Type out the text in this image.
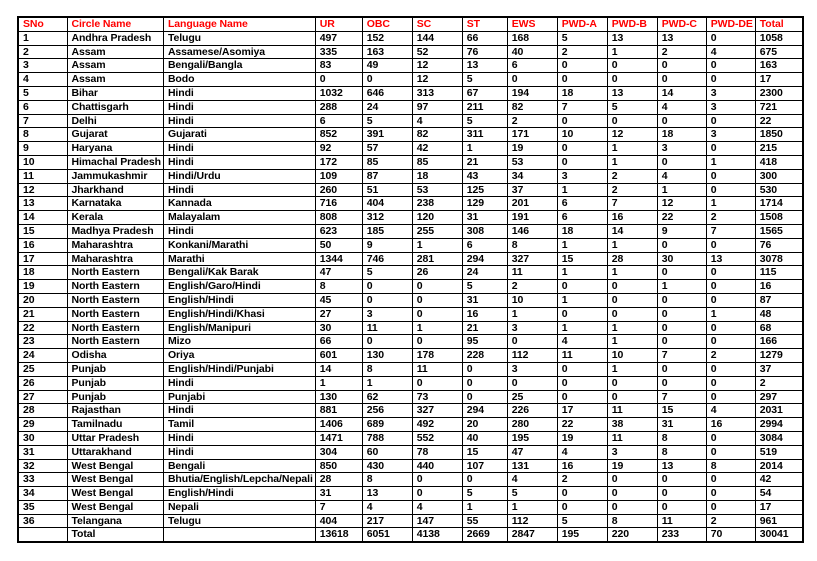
SNo	Circle Name	Language Name	UR	OBC	SC	ST	EWS	PWD-A	PWD-B	PWD-C	PWD-DE	Total
1	Andhra Pradesh	Telugu	497	152	144	66	168	5	13	13	0	1058
2	Assam	Assamese/Asomiya	335	163	52	76	40	2	1	2	4	675
3	Assam	Bengali/Bangla	83	49	12	13	6	0	0	0	0	163
4	Assam	Bodo	0	0	12	5	0	0	0	0	0	17
5	Bihar	Hindi	1032	646	313	67	194	18	13	14	3	2300
6	Chattisgarh	Hindi	288	24	97	211	82	7	5	4	3	721
7	Delhi	Hindi	6	5	4	5	2	0	0	0	0	22
8	Gujarat	Gujarati	852	391	82	311	171	10	12	18	3	1850
9	Haryana	Hindi	92	57	42	1	19	0	1	3	0	215
10	Himachal Pradesh	Hindi	172	85	85	21	53	0	1	0	1	418
11	Jammukashmir	Hindi/Urdu	109	87	18	43	34	3	2	4	0	300
12	Jharkhand	Hindi	260	51	53	125	37	1	2	1	0	530
13	Karnataka	Kannada	716	404	238	129	201	6	7	12	1	1714
14	Kerala	Malayalam	808	312	120	31	191	6	16	22	2	1508
15	Madhya Pradesh	Hindi	623	185	255	308	146	18	14	9	7	1565
16	Maharashtra	Konkani/Marathi	50	9	1	6	8	1	1	0	0	76
17	Maharashtra	Marathi	1344	746	281	294	327	15	28	30	13	3078
18	North Eastern	Bengali/Kak Barak	47	5	26	24	11	1	1	0	0	115
19	North Eastern	English/Garo/Hindi	8	0	0	5	2	0	0	1	0	16
20	North Eastern	English/Hindi	45	0	0	31	10	1	0	0	0	87
21	North Eastern	English/Hindi/Khasi	27	3	0	16	1	0	0	0	1	48
22	North Eastern	English/Manipuri	30	11	1	21	3	1	1	0	0	68
23	North Eastern	Mizo	66	0	0	95	0	4	1	0	0	166
24	Odisha	Oriya	601	130	178	228	112	11	10	7	2	1279
25	Punjab	English/Hindi/Punjabi	14	8	11	0	3	0	1	0	0	37
26	Punjab	Hindi	1	1	0	0	0	0	0	0	0	2
27	Punjab	Punjabi	130	62	73	0	25	0	0	7	0	297
28	Rajasthan	Hindi	881	256	327	294	226	17	11	15	4	2031
29	Tamilnadu	Tamil	1406	689	492	20	280	22	38	31	16	2994
30	Uttar Pradesh	Hindi	1471	788	552	40	195	19	11	8	0	3084
31	Uttarakhand	Hindi	304	60	78	15	47	4	3	8	0	519
32	West Bengal	Bengali	850	430	440	107	131	16	19	13	8	2014
33	West Bengal	Bhutia/English/Lepcha/Nepali	28	8	0	0	4	2	0	0	0	42
34	West Bengal	English/Hindi	31	13	0	5	5	0	0	0	0	54
35	West Bengal	Nepali	7	4	4	1	1	0	0	0	0	17
36	Telangana	Telugu	404	217	147	55	112	5	8	11	2	961
	Total		13618	6051	4138	2669	2847	195	220	233	70	30041
